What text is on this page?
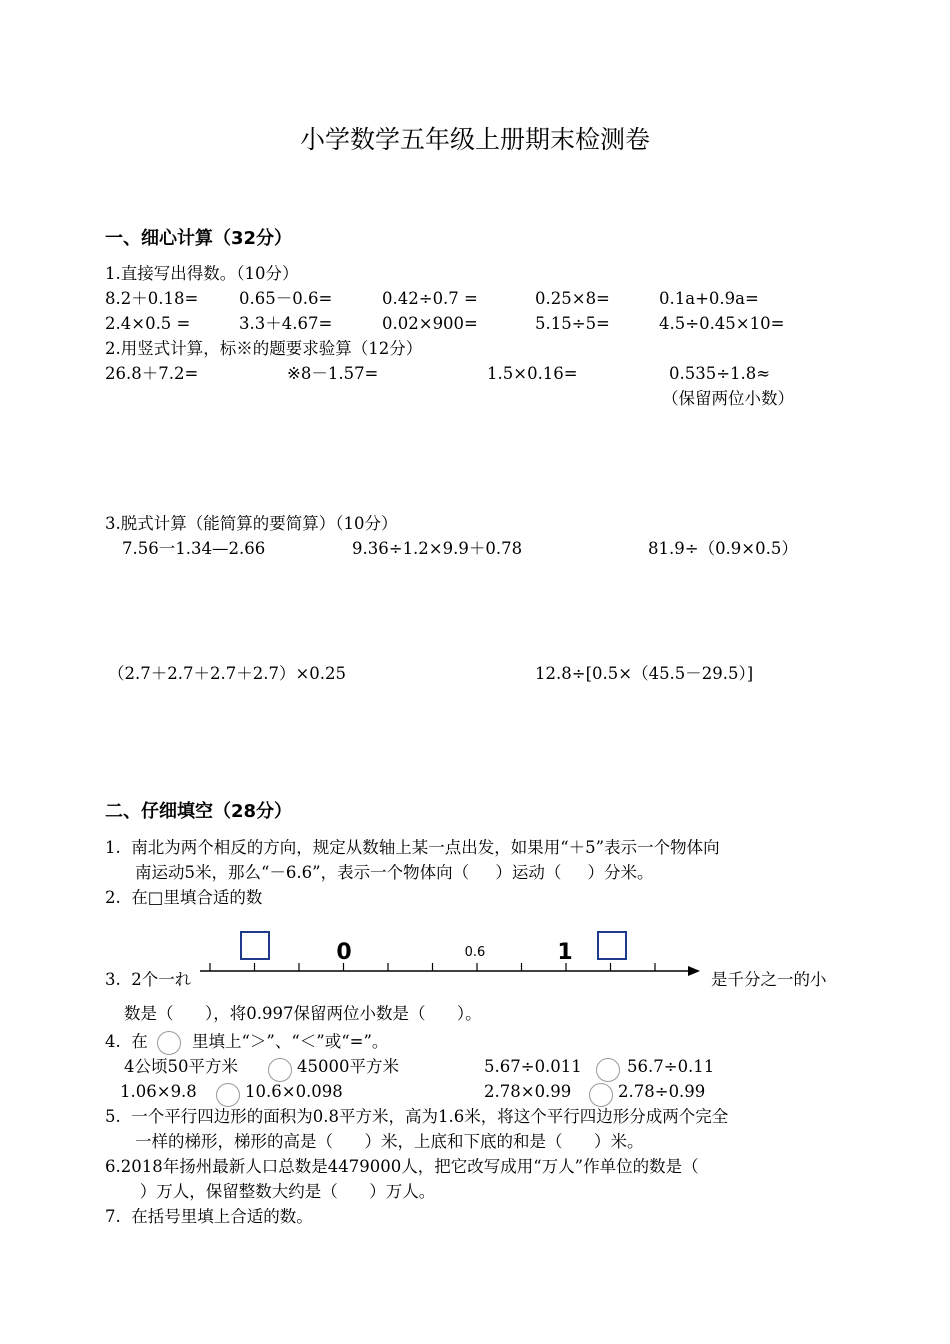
小学数学五年级上册期末检测卷
一、细心计算（32分）
1.直接写出得数。（10分）
8.2＋0.18= 0.65－0.6=	0.42÷0.7 =	0.25×8=	0.1a+0.9a=
2.4×0.5 =	3.3＋4.67=	0.02×900=	5.15÷5=	4.5÷0.45×10=
2.用竖式计算，标※的题要求验算（12分）
26.8＋7.2=	※8－1.57=	1.5×0.16=	0.535÷1.8≈
（保留两位小数）
3.脱式计算（能简算的要简算）（10分）
7.56一1.34—2.66	9.36÷1.2×9.9＋0.78	81.9÷（0.9×0.5）
（2.7＋2.7＋2.7＋2.7）×0.25	12.8÷[0.5×（45.5－29.5）]
二、仔细填空（28分）
1.  南北为两个相反的方向，规定从数轴上某一点出发，如果用“＋5”表示一个物体向
南运动5米，那么“－6.6”，表示一个物体向（     ）运动（     ）分米。
2.  在□里填合适的数
3.  2个一れ
0	0.6	1
是千分之一的小
数是（      ），将0.997保留两位小数是（      ）。
4.  在	里填上“＞”、“＜”或“=”。
4公顷50平方米	45000平方米	5.67÷0.011	56.7÷0.11
1.06×9.8	10.6×0.098	2.78×0.99	2.78÷0.99
5.  一个平行四边形的面积为0.8平方米，高为1.6米，将这个平行四边形分成两个完全
一样的梯形，梯形的高是（      ）米，上底和下底的和是（      ）米。
6.2018年扬州最新人口总数是4479000人，把它改写成用“万人”作单位的数是（
）万人，保留整数大约是（      ）万人。
7.  在括号里填上合适的数。
